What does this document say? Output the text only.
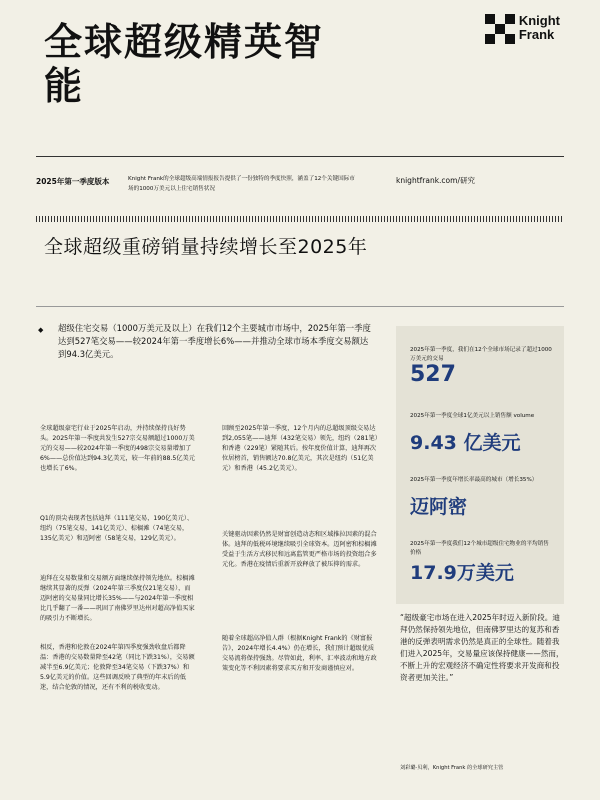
全球超级精英智能
Knight
Frank
2025年第一季度版本	Knight Frank的全球超级高端情报报告提供了一份独特的季度快照，涵盖了12个关键国际市场的1000万美元以上住宅销售状况
knightfrank.com/研究
全球超级重磅销量持续增长至2025年
◆ 超级住宅交易（1000万美元及以上）在我们12个主要城市市场中，2025年第一季度达到527笔交易——较2024年第一季度增长6%——并推动全球市场本季度交易额达到94.3亿美元。	2025年第一季度，我们在12个全球市场记录了超过1000万美元的交易
527
2025年第一季度全球1亿美元以上销售额 volume
9.43 亿美元
2025年第一季度年增长率最高的城市（增长35%）
迈阿密
2025年第一季度我们12个城市超级住宅物业的平均销售价格
17.9万美元
全球超级豪宅行业于2025年启动，并持续保持良好势头。2025年第一季度共发生527宗交易额超过1000万美元的交易——较2024年第一季度的498宗交易量增加了6%——总价值达到94.3亿美元，较一年前的88.5亿美元也增长了6%。
Q1的顶尖表现者包括迪拜（111笔交易，190亿美元）、纽约（75笔交易，141亿美元）、棕榈滩（74笔交易，135亿美元）和迈阿密（58笔交易，129亿美元）。
迪拜在交易数量和交易额方面继续保持领先地位。棕榈滩继续其显著的反弹（2024年第三季度仅21笔交易），而迈阿密的交易量同比增长35%——与2024年第一季度相比几乎翻了一番——巩固了南佛罗里达州对超高净值买家的吸引力不断增长。
相反，香港和伦敦在2024年第四季度强劲收盘后都降温：香港的交易数量降至42笔（同比下跌31%），交易额减半至6.9亿美元；伦敦降至34笔交易（下跌37%）和5.9亿美元的价值。这些回调反映了典型的年末后的低迷，结合伦敦的情况，还有不利的税收变动。
回顾至2025年第一季度，12个月内的总超级顶级交易达到2,055笔——迪拜（432笔交易）领先，纽约（281笔）和香港（229笔）紧随其后。按年度价值计算，迪拜再次位居榜首，销售额达70.8亿美元，其次是纽约（51亿美元）和香港（45.2亿美元）。
关键驱动因素仍然是财富创造动态和区域推拉因素的混合体。迪拜的低税环境继续吸引全球资本。迈阿密和棕榈滩受益于生活方式移民和远离监管更严格市场的投资组合多元化。香港在疫情后重新开放释放了被压抑的需求。
随着全球超高净值人群（根据Knight Frank的《财富报告》，2024年增长4.4%）仍在增长，我们预计超级优质交易流将保持强劲。尽管如此，利率、汇率波动和地方政策变化等不利因素将要求买方和开发商谨慎应对。
“超级豪宅市场在进入2025年时迈入新阶段。迪拜仍然保持领先地位，但南佛罗里达的复苏和香港的反弹表明需求仍然是真正的全球性。随着我们进入2025年，交易量应该保持健康——然而，不断上升的宏观经济不确定性将要求开发商和投资者更加关注。”
刘彩璐·贝利，Knight Frank 的全球研究主管
